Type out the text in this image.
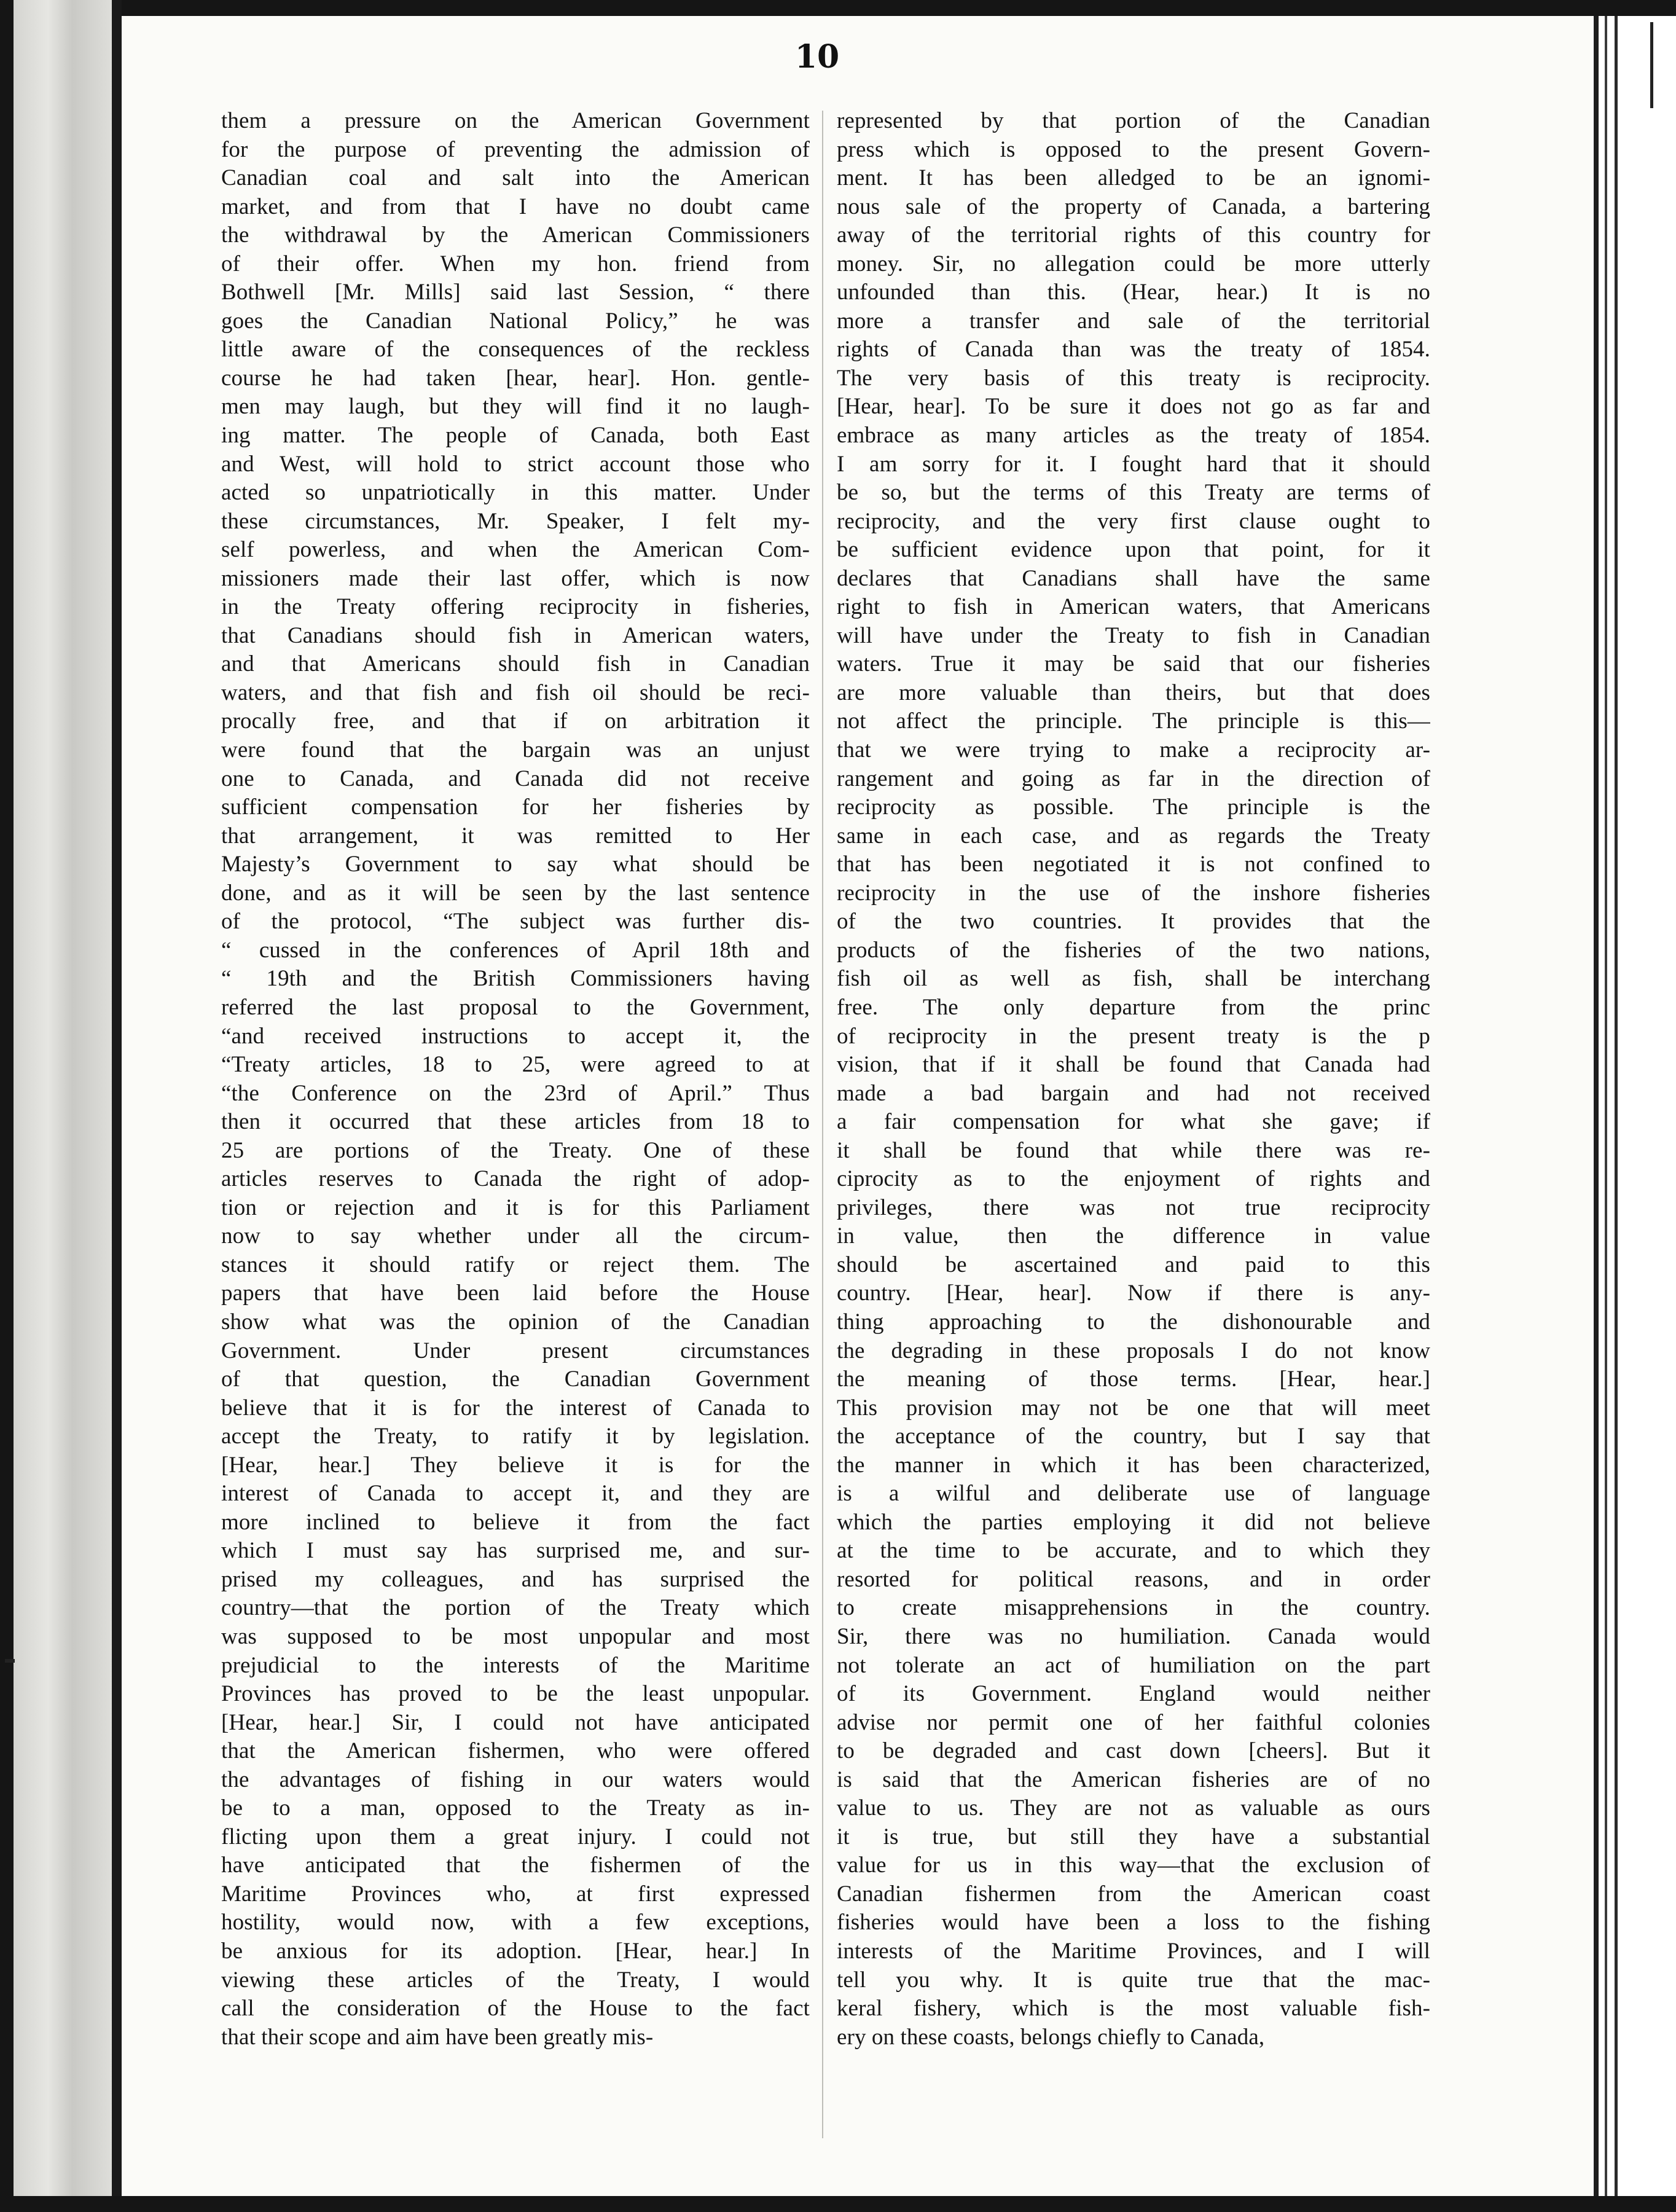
10
them a pressure on the American Government
for the purpose of preventing the admission of
Canadian coal and salt into the American
market, and from that I have no doubt came
the withdrawal by the American Commissioners
of their offer. When my hon. friend from
Bothwell [Mr. Mills] said last Session, “ there
goes the Canadian National Policy,” he was
little aware of the consequences of the reckless
course he had taken [hear, hear]. Hon. gentle-
men may laugh, but they will find it no laugh-
ing matter. The people of Canada, both East
and West, will hold to strict account those who
acted so unpatriotically in this matter. Under
these circumstances, Mr. Speaker, I felt my-
self powerless, and when the American Com-
missioners made their last offer, which is now
in the Treaty offering reciprocity in fisheries,
that Canadians should fish in American waters,
and that Americans should fish in Canadian
waters, and that fish and fish oil should be reci-
procally free, and that if on arbitration it
were found that the bargain was an unjust
one to Canada, and Canada did not receive
sufficient compensation for her fisheries by
that arrangement, it was remitted to Her
Majesty’s Government to say what should be
done, and as it will be seen by the last sentence
of the protocol, “The subject was further dis-
“ cussed in the conferences of April 18th and
“ 19th and the British Commissioners having
referred the last proposal to the Government,
“and received instructions to accept it, the
“Treaty articles, 18 to 25, were agreed to at
“the Conference on the 23rd of April.” Thus
then it occurred that these articles from 18 to
25 are portions of the Treaty. One of these
articles reserves to Canada the right of adop-
tion or rejection and it is for this Parliament
now to say whether under all the circum-
stances it should ratify or reject them. The
papers that have been laid before the House
show what was the opinion of the Canadian
Government. Under present circumstances
of that question, the Canadian Government
believe that it is for the interest of Canada to
accept the Treaty, to ratify it by legislation.
[Hear, hear.] They believe it is for the
interest of Canada to accept it, and they are
more inclined to believe it from the fact
which I must say has surprised me, and sur-
prised my colleagues, and has surprised the
country—that the portion of the Treaty which
was supposed to be most unpopular and most
prejudicial to the interests of the Maritime
Provinces has proved to be the least unpopular.
[Hear, hear.] Sir, I could not have anticipated
that the American fishermen, who were offered
the advantages of fishing in our waters would
be to a man, opposed to the Treaty as in-
flicting upon them a great injury. I could not
have anticipated that the fishermen of the
Maritime Provinces who, at first expressed
hostility, would now, with a few exceptions,
be anxious for its adoption. [Hear, hear.] In
viewing these articles of the Treaty, I would
call the consideration of the House to the fact
that their scope and aim have been greatly mis-
represented by that portion of the Canadian
press which is opposed to the present Govern-
ment. It has been alledged to be an ignomi-
nous sale of the property of Canada, a bartering
away of the territorial rights of this country for
money. Sir, no allegation could be more utterly
unfounded than this. (Hear, hear.) It is no
more a transfer and sale of the territorial
rights of Canada than was the treaty of 1854.
The very basis of this treaty is reciprocity.
[Hear, hear]. To be sure it does not go as far and
embrace as many articles as the treaty of 1854.
I am sorry for it. I fought hard that it should
be so, but the terms of this Treaty are terms of
reciprocity, and the very first clause ought to
be sufficient evidence upon that point, for it
declares that Canadians shall have the same
right to fish in American waters, that Americans
will have under the Treaty to fish in Canadian
waters. True it may be said that our fisheries
are more valuable than theirs, but that does
not affect the principle. The principle is this—
that we were trying to make a reciprocity ar-
rangement and going as far in the direction of
reciprocity as possible. The principle is the
same in each case, and as regards the Treaty
that has been negotiated it is not confined to
reciprocity in the use of the inshore fisheries
of the two countries. It provides that the
products of the fisheries of the two nations,
fish oil as well as fish, shall be interchang
free. The only departure from the princ
of reciprocity in the present treaty is the p
vision, that if it shall be found that Canada had
made a bad bargain and had not received
a fair compensation for what she gave; if
it shall be found that while there was re-
ciprocity as to the enjoyment of rights and
privileges, there was not true reciprocity
in value, then the difference in value
should be ascertained and paid to this
country. [Hear, hear]. Now if there is any-
thing approaching to the dishonourable and
the degrading in these proposals I do not know
the meaning of those terms. [Hear, hear.]
This provision may not be one that will meet
the acceptance of the country, but I say that
the manner in which it has been characterized,
is a wilful and deliberate use of language
which the parties employing it did not believe
at the time to be accurate, and to which they
resorted for political reasons, and in order
to create misapprehensions in the country.
Sir, there was no humiliation. Canada would
not tolerate an act of humiliation on the part
of its Government. England would neither
advise nor permit one of her faithful colonies
to be degraded and cast down [cheers]. But it
is said that the American fisheries are of no
value to us. They are not as valuable as ours
it is true, but still they have a substantial
value for us in this way—that the exclusion of
Canadian fishermen from the American coast
fisheries would have been a loss to the fishing
interests of the Maritime Provinces, and I will
tell you why. It is quite true that the mac-
keral fishery, which is the most valuable fish-
ery on these coasts, belongs chiefly to Canada,
